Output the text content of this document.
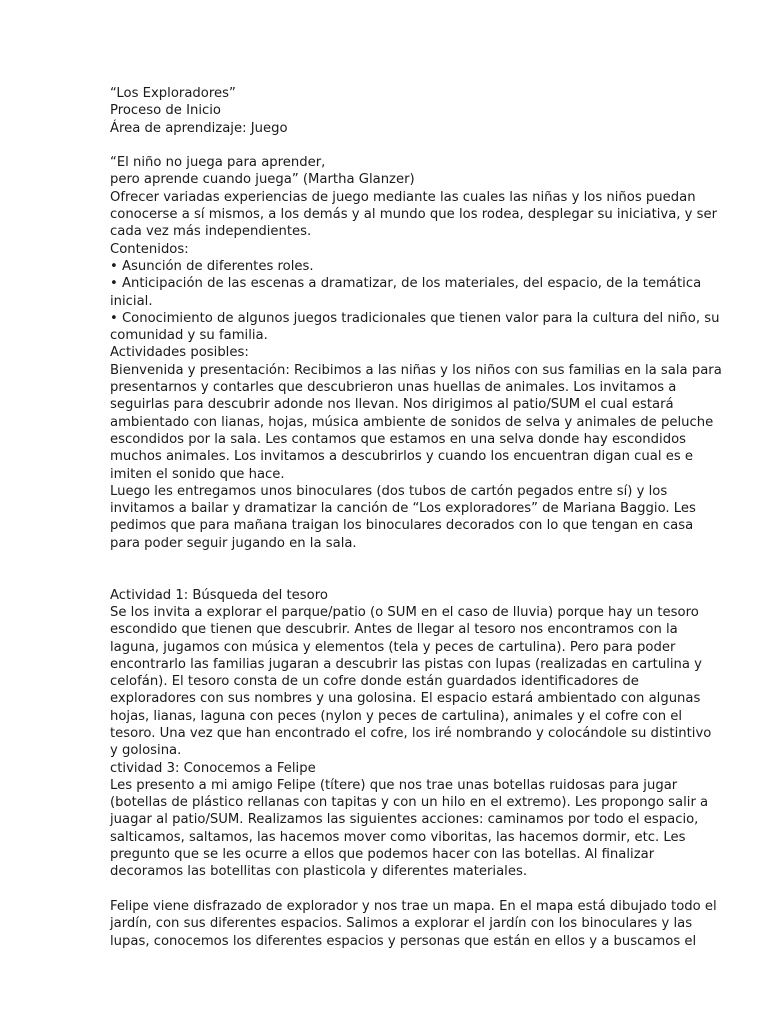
“Los Exploradores”
Proceso de Inicio
Área de aprendizaje: Juego
“El niño no juega para aprender,
pero aprende cuando juega” (Martha Glanzer)
Ofrecer variadas experiencias de juego mediante las cuales las niñas y los niños puedan
conocerse a sí mismos, a los demás y al mundo que los rodea, desplegar su iniciativa, y ser
cada vez más independientes.
Contenidos:
• Asunción de diferentes roles.
• Anticipación de las escenas a dramatizar, de los materiales, del espacio, de la temática
inicial.
• Conocimiento de algunos juegos tradicionales que tienen valor para la cultura del niño, su
comunidad y su familia.
Actividades posibles:
Bienvenida y presentación: Recibimos a las niñas y los niños con sus familias en la sala para
presentarnos y contarles que descubrieron unas huellas de animales. Los invitamos a
seguirlas para descubrir adonde nos llevan. Nos dirigimos al patio/SUM el cual estará
ambientado con lianas, hojas, música ambiente de sonidos de selva y animales de peluche
escondidos por la sala. Les contamos que estamos en una selva donde hay escondidos
muchos animales. Los invitamos a descubrirlos y cuando los encuentran digan cual es e
imiten el sonido que hace.
Luego les entregamos unos binoculares (dos tubos de cartón pegados entre sí) y los
invitamos a bailar y dramatizar la canción de “Los exploradores” de Mariana Baggio. Les
pedimos que para mañana traigan los binoculares decorados con lo que tengan en casa
para poder seguir jugando en la sala.
Actividad 1: Búsqueda del tesoro
Se los invita a explorar el parque/patio (o SUM en el caso de lluvia) porque hay un tesoro
escondido que tienen que descubrir. Antes de llegar al tesoro nos encontramos con la
laguna, jugamos con música y elementos (tela y peces de cartulina). Pero para poder
encontrarlo las familias jugaran a descubrir las pistas con lupas (realizadas en cartulina y
celofán). El tesoro consta de un cofre donde están guardados identificadores de
exploradores con sus nombres y una golosina. El espacio estará ambientado con algunas
hojas, lianas, laguna con peces (nylon y peces de cartulina), animales y el cofre con el
tesoro. Una vez que han encontrado el cofre, los iré nombrando y colocándole su distintivo
y golosina.
ctividad 3: Conocemos a Felipe
Les presento a mi amigo Felipe (títere) que nos trae unas botellas ruidosas para jugar
(botellas de plástico rellanas con tapitas y con un hilo en el extremo). Les propongo salir a
juagar al patio/SUM. Realizamos las siguientes acciones: caminamos por todo el espacio,
salticamos, saltamos, las hacemos mover como viboritas, las hacemos dormir, etc. Les
pregunto que se les ocurre a ellos que podemos hacer con las botellas. Al finalizar
decoramos las botellitas con plasticola y diferentes materiales.
Felipe viene disfrazado de explorador y nos trae un mapa. En el mapa está dibujado todo el
jardín, con sus diferentes espacios. Salimos a explorar el jardín con los binoculares y las
lupas, conocemos los diferentes espacios y personas que están en ellos y a buscamos el
